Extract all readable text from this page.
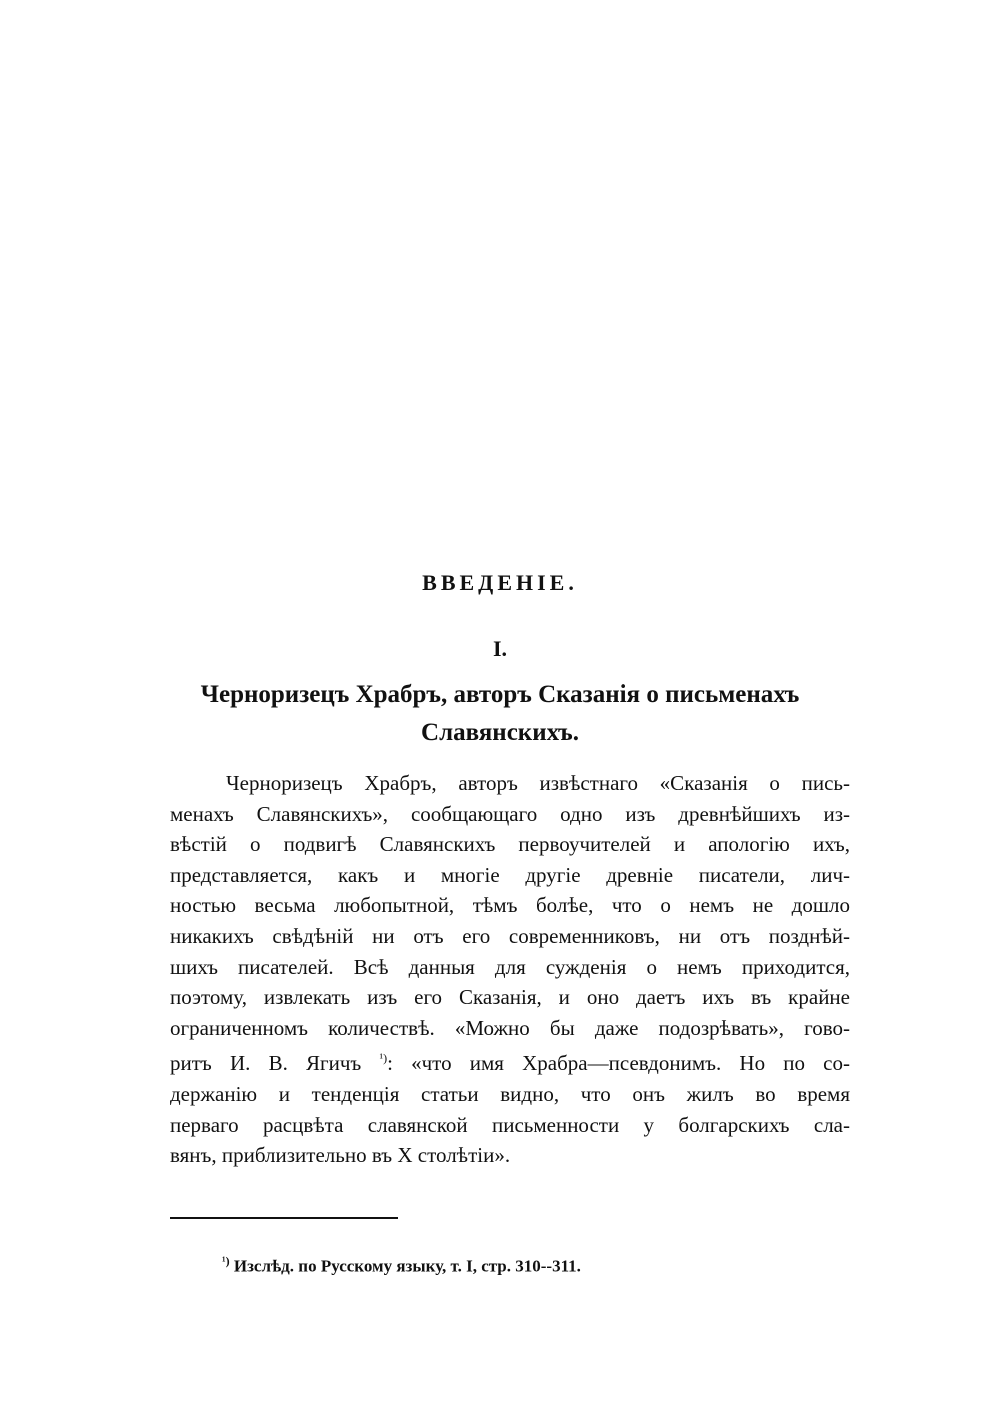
ВВЕДЕНІЕ.
I.
Черноризецъ Храбръ, авторъ Сказанія о письменахъ
Славянскихъ.
Черноризецъ Храбръ, авторъ извѣстнаго «Сказанія о пись-
менахъ Славянскихъ», сообщающаго одно изъ древнѣйшихъ из-
вѣстій о подвигѣ Славянскихъ первоучителей и апологію ихъ,
представляется, какъ и многіе другіе древніе писатели, лич-
ностью весьма любопытной, тѣмъ болѣе, что о немъ не дошло
никакихъ свѣдѣній ни отъ его современниковъ, ни отъ позднѣй-
шихъ писателей. Всѣ данныя для сужденія о немъ приходится,
поэтому, извлекать изъ его Сказанія, и оно даетъ ихъ въ крайне
ограниченномъ количествѣ. «Можно бы даже подозрѣвать», гово-
ритъ И. В. Ягичъ $^{^1)}$: «что имя Храбра—псевдонимъ. Но по со-
держанію и тенденція статьи видно, что онъ жилъ во время
перваго расцвѣта славянской письменности у болгарскихъ сла-
вянъ, приблизительно въ X столѣтіи».
$^{^1)}$ Изслѣд. по Русскому языку, т. I, стр. 310--311.
